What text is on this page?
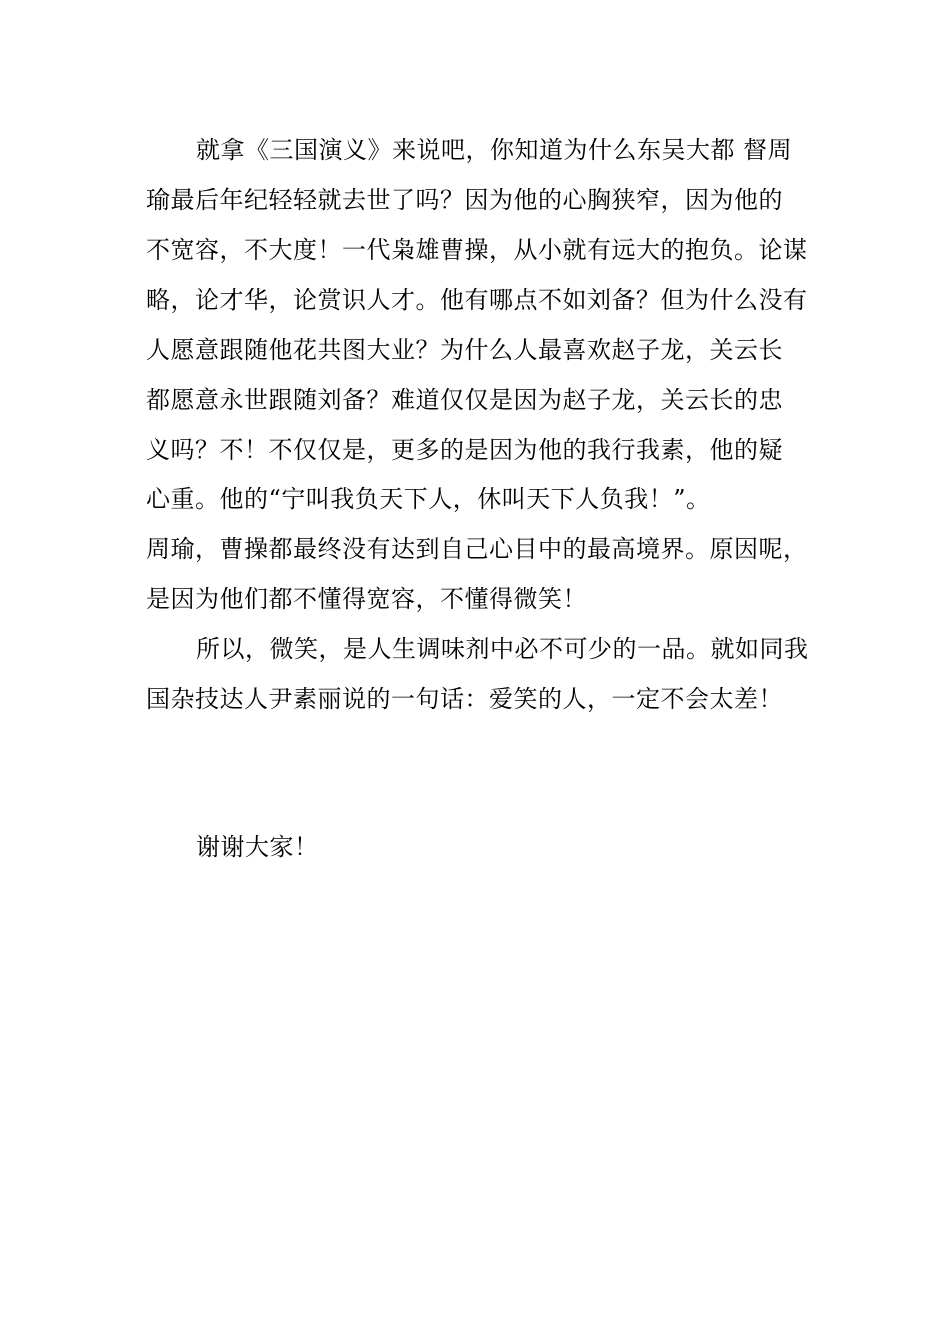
就拿《三国演义》来说吧，你知道为什么东吴大都 督周
瑜最后年纪轻轻就去世了吗？因为他的心胸狭窄，因为他的
不宽容，不大度！一代枭雄曹操，从小就有远大的抱负。论谋
略，论才华，论赏识人才。他有哪点不如刘备？但为什么没有
人愿意跟随他花共图大业？为什么人最喜欢赵子龙，关云长
都愿意永世跟随刘备？难道仅仅是因为赵子龙，关云长的忠
义吗？不！不仅仅是，更多的是因为他的我行我素，他的疑
心重。他的“宁叫我负天下人，休叫天下人负我！”。
周瑜，曹操都最终没有达到自己心目中的最高境界。原因呢，
是因为他们都不懂得宽容，不懂得微笑！
所以，微笑，是人生调味剂中必不可少的一品。就如同我
国杂技达人尹素丽说的一句话：爱笑的人，一定不会太差！
谢谢大家！
